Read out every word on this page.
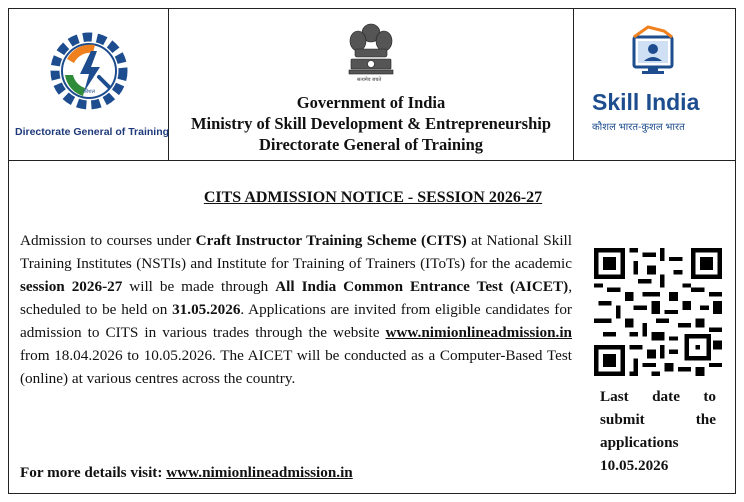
कौशल
Directorate General of Training
सत्यमेव जयते
Government of India
Ministry of Skill Development & Entrepreneurship
Directorate General of Training
Skill India
कौशल भारत-कुशल भारत
CITS ADMISSION NOTICE - SESSION 2026-27
Admission to courses under Craft Instructor Training Scheme (CITS) at National Skill Training Institutes (NSTIs) and Institute for Training of Trainers (IToTs) for the academic session 2026-27 will be made through All India Common Entrance Test (AICET), scheduled to be held on 31.05.2026. Applications are invited from eligible candidates for admission to CITS in various trades through the website www.nimionlineadmission.in from 18.04.2026 to 10.05.2026. The AICET will be conducted as a Computer-Based Test (online) at various centres across the country.
Last date to
submit	the
applications
10.05.2026
For more details visit: www.nimionlineadmission.in
